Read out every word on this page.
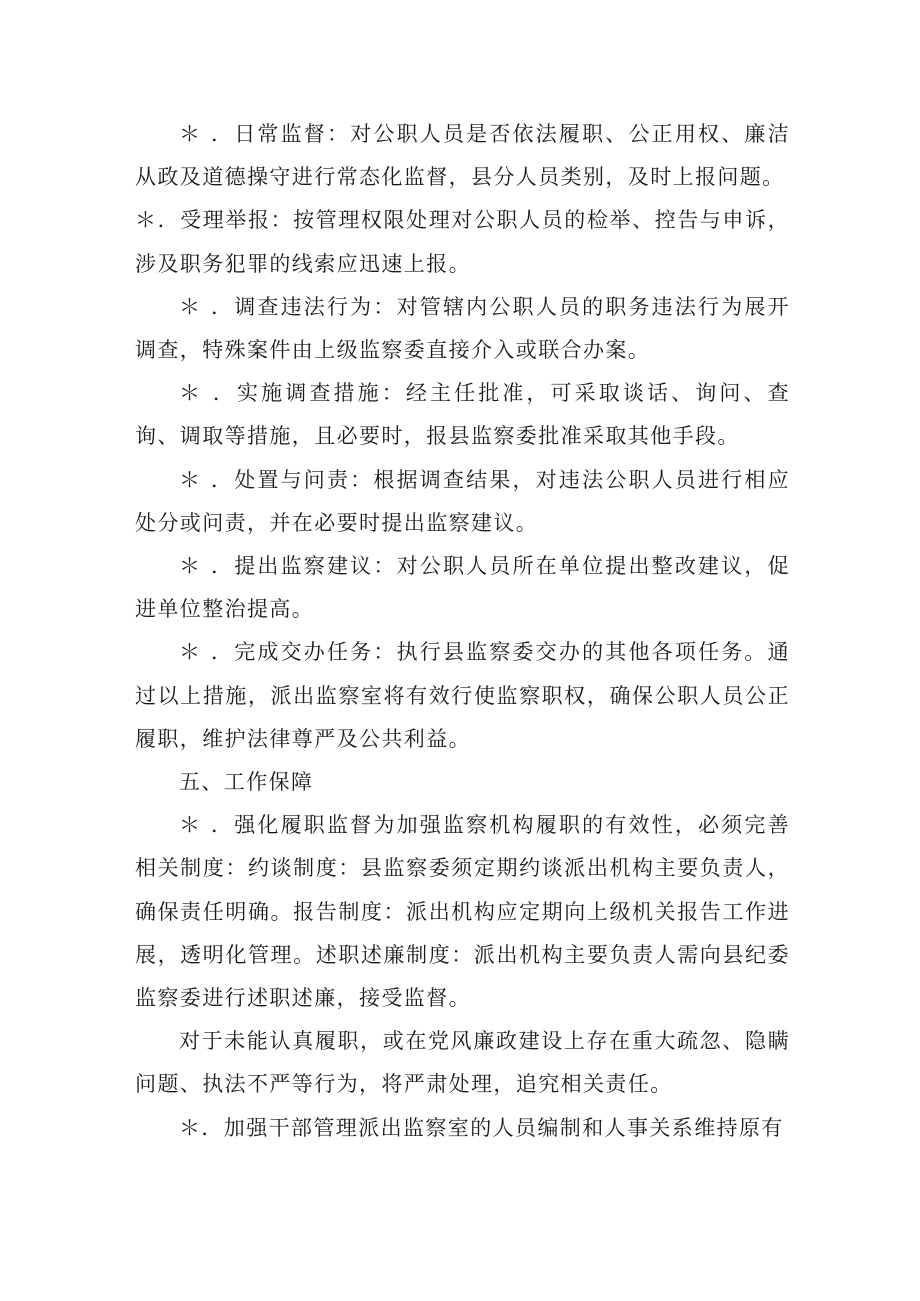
＊ ．日常监督：对公职人员是否依法履职、公正用权、廉洁从政及道德操守进行常态化监督，县分人员类别，及时上报问题。

＊．受理举报：按管理权限处理对公职人员的检举、控告与申诉，涉及职务犯罪的线索应迅速上报。

＊ ．调查违法行为：对管辖内公职人员的职务违法行为展开调查，特殊案件由上级监察委直接介入或联合办案。

＊ ．实施调查措施：经主任批准，可采取谈话、询问、查询、调取等措施，且必要时，报县监察委批准采取其他手段。

＊ ．处置与问责：根据调查结果，对违法公职人员进行相应处分或问责，并在必要时提出监察建议。

＊ ．提出监察建议：对公职人员所在单位提出整改建议，促进单位整治提高。

＊ ．完成交办任务：执行县监察委交办的其他各项任务。通过以上措施，派出监察室将有效行使监察职权，确保公职人员公正履职，维护法律尊严及公共利益。

五、工作保障

＊ ．强化履职监督为加强监察机构履职的有效性，必须完善相关制度：约谈制度：县监察委须定期约谈派出机构主要负责人，确保责任明确。报告制度：派出机构应定期向上级机关报告工作进展，透明化管理。述职述廉制度：派出机构主要负责人需向县纪委监察委进行述职述廉，接受监督。

对于未能认真履职，或在党风廉政建设上存在重大疏忽、隐瞒问题、执法不严等行为，将严肃处理，追究相关责任。

＊．加强干部管理派出监察室的人员编制和人事关系维持原有
